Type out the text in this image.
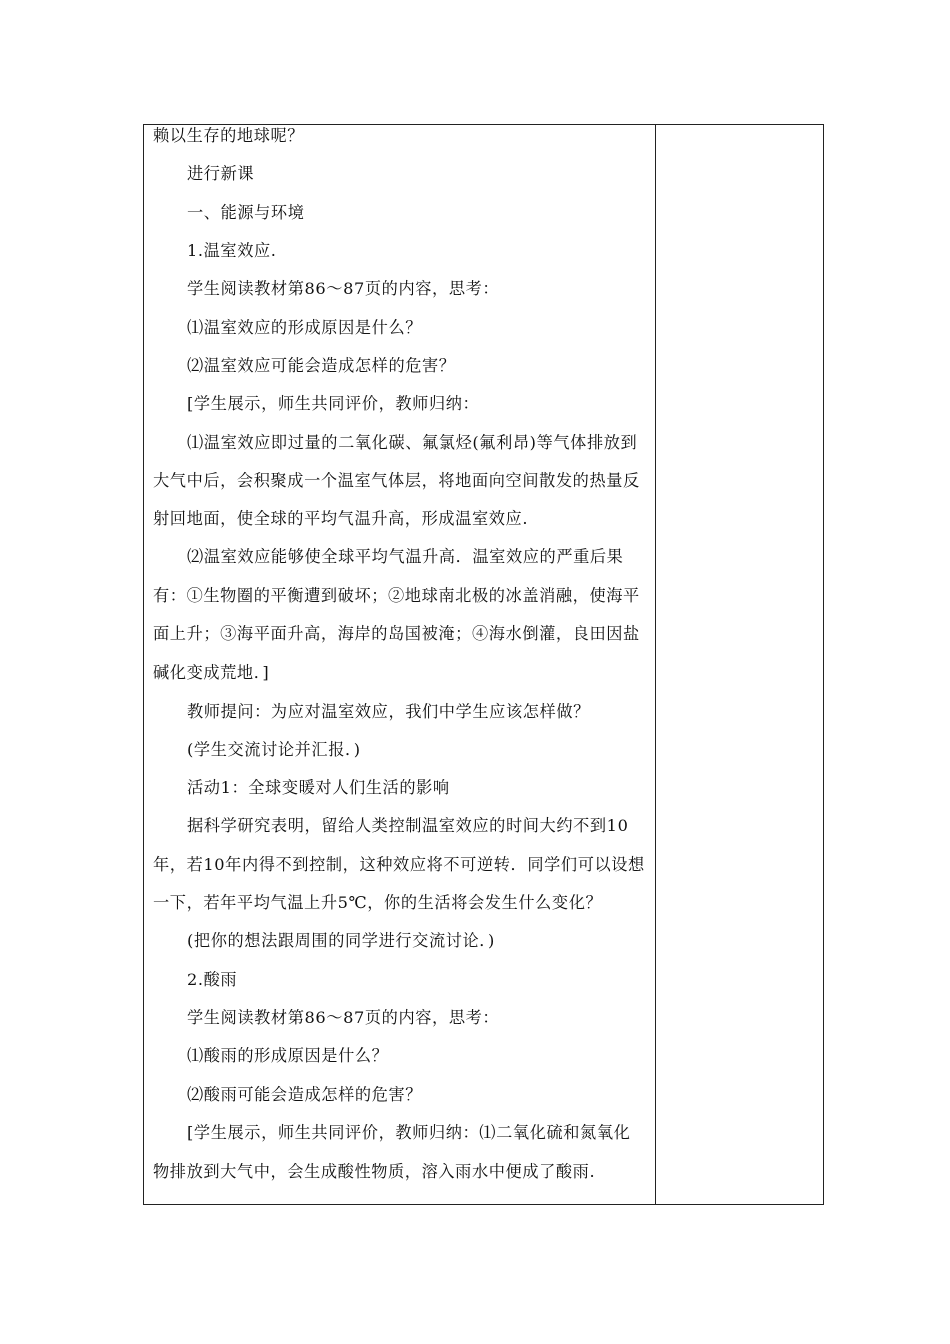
赖以生存的地球呢？
进行新课
一、能源与环境
1.温室效应.
学生阅读教材第86～87页的内容，思考：
⑴温室效应的形成原因是什么？
⑵温室效应可能会造成怎样的危害？
[学生展示，师生共同评价，教师归纳：
⑴温室效应即过量的二氧化碳、氟氯烃(氟利昂)等气体排放到
大气中后，会积聚成一个温室气体层，将地面向空间散发的热量反
射回地面，使全球的平均气温升高，形成温室效应.
⑵温室效应能够使全球平均气温升高．温室效应的严重后果
有：①生物圈的平衡遭到破坏；②地球南北极的冰盖消融，使海平
面上升；③海平面升高，海岸的岛国被淹；④海水倒灌，良田因盐
碱化变成荒地．]
教师提问：为应对温室效应，我们中学生应该怎样做？
(学生交流讨论并汇报．)
活动1：全球变暖对人们生活的影响
据科学研究表明，留给人类控制温室效应的时间大约不到10
年，若10年内得不到控制，这种效应将不可逆转．同学们可以设想
一下，若年平均气温上升5℃，你的生活将会发生什么变化？
(把你的想法跟周围的同学进行交流讨论．)
2.酸雨
学生阅读教材第86～87页的内容，思考：
⑴酸雨的形成原因是什么？
⑵酸雨可能会造成怎样的危害？
[学生展示，师生共同评价，教师归纳：⑴二氧化硫和氮氧化
物排放到大气中，会生成酸性物质，溶入雨水中便成了酸雨.
